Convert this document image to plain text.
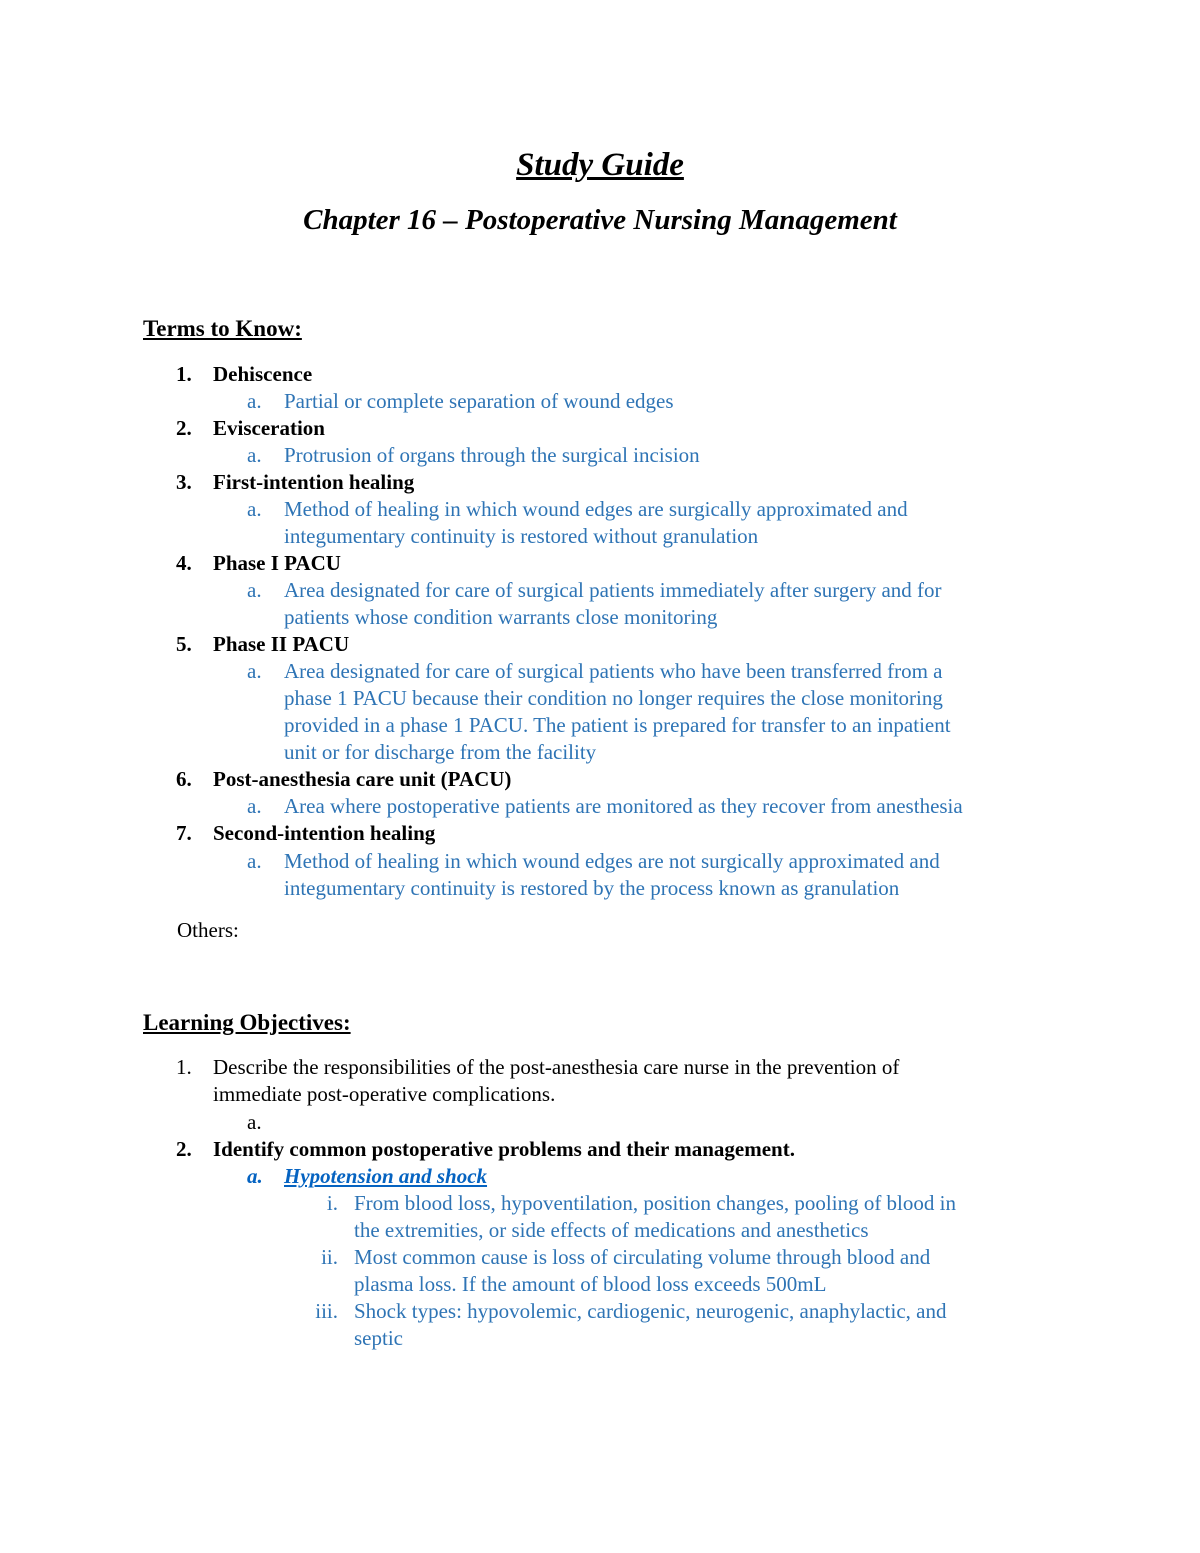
Study Guide
Chapter 16 – Postoperative Nursing Management
Terms to Know:
1.	Dehiscence
a. Partial or complete separation of wound edges
2.	Evisceration
a. Protrusion of organs through the surgical incision
3.	First-intention healing
a. Method of healing in which wound edges are surgically approximated and
integumentary continuity is restored without granulation
4.	Phase I PACU
a. Area designated for care of surgical patients immediately after surgery and for
patients whose condition warrants close monitoring
5.	Phase II PACU
a. Area designated for care of surgical patients who have been transferred from a
phase 1 PACU because their condition no longer requires the close monitoring
provided in a phase 1 PACU. The patient is prepared for transfer to an inpatient
unit or for discharge from the facility
6.	Post-anesthesia care unit (PACU)
a. Area where postoperative patients are monitored as they recover from anesthesia
7.	Second-intention healing
a. Method of healing in which wound edges are not surgically approximated and
integumentary continuity is restored by the process known as granulation
Others:
Learning Objectives:
1.	Describe the responsibilities of the post-anesthesia care nurse in the prevention of
immediate post-operative complications.
a.
2.	Identify common postoperative problems and their management.
a. Hypotension and shock
i. From blood loss, hypoventilation, position changes, pooling of blood in
the extremities, or side effects of medications and anesthetics
ii. Most common cause is loss of circulating volume through blood and
plasma loss. If the amount of blood loss exceeds 500mL
iii. Shock types: hypovolemic, cardiogenic, neurogenic, anaphylactic, and
septic
